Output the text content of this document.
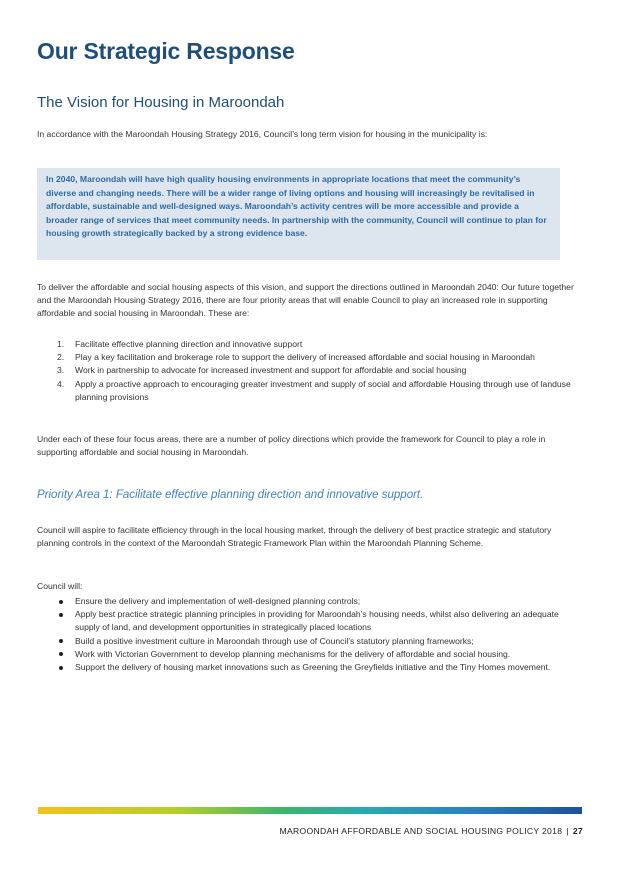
Our Strategic Response
The Vision for Housing in Maroondah

In accordance with the Maroondah Housing Strategy 2016, Council’s long term vision for housing in the municipality is:

In 2040, Maroondah will have high quality housing environments in appropriate locations that meet the community’s diverse and changing needs. There will be a wider range of living options and housing will increasingly be revitalised in affordable, sustainable and well-designed ways. Maroondah’s activity centres will be more accessible and provide a broader range of services that meet community needs. In partnership with the community, Council will continue to plan for housing growth strategically backed by a strong evidence base.

To deliver the affordable and social housing aspects of this vision, and support the directions outlined in Maroondah 2040: Our future together and the Maroondah Housing Strategy 2016, there are four priority areas that will enable Council to play an increased role in supporting affordable and social housing in Maroondah. These are:

1. Facilitate effective planning direction and innovative support
2. Play a key facilitation and brokerage role to support the delivery of increased affordable and social housing in Maroondah
3. Work in partnership to advocate for increased investment and support for affordable and social housing
4. Apply a proactive approach to encouraging greater investment and supply of social and affordable Housing through use of landuse planning provisions

Under each of these four focus areas, there are a number of policy directions which provide the framework for Council to play a role in supporting affordable and social housing in Maroondah.

Priority Area 1: Facilitate effective planning direction and innovative support.

Council will aspire to facilitate efficiency through in the local housing market, through the delivery of best practice strategic and statutory planning controls in the context of the Maroondah Strategic Framework Plan within the Maroondah Planning Scheme.

Council will:

Ensure the delivery and implementation of well-designed planning controls;
Apply best practice strategic planning principles in providing for Maroondah’s housing needs, whilst also delivering an adequate supply of land, and development opportunities in strategically placed locations
Build a positive investment culture in Maroondah through use of Council’s statutory planning frameworks;
Work with Victorian Government to develop planning mechanisms for the delivery of affordable and social housing.
Support the delivery of housing market innovations such as Greening the Greyfields initiative and the Tiny Homes movement.
MAROONDAH AFFORDABLE AND SOCIAL HOUSING POLICY 2018 | 27
